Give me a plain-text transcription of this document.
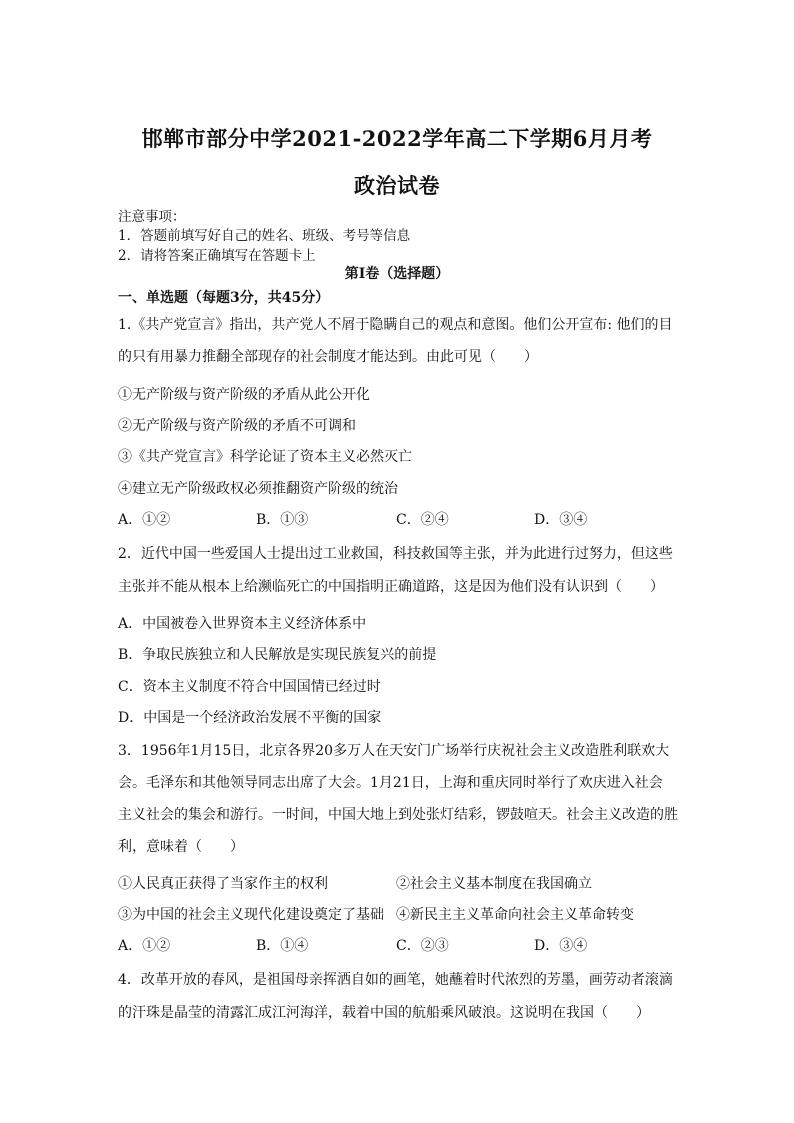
邯郸市部分中学2021-2022学年高二下学期6月月考
政治试卷
注意事项：
1．答题前填写好自己的姓名、班级、考号等信息
2．请将答案正确填写在答题卡上
第I卷（选择题）
一、单选题（每题3分，共45分）
1.《共产党宣言》指出，共产党人不屑于隐瞒自己的观点和意图。他们公开宣布: 他们的目
的只有用暴力推翻全部现存的社会制度才能达到。由此可见（　　）
①无产阶级与资产阶级的矛盾从此公开化
②无产阶级与资产阶级的矛盾不可调和
③《共产党宣言》科学论证了资本主义必然灭亡
④建立无产阶级政权必须推翻资产阶级的统治
A．①②	B．①③	C．②④	D．③④
2．近代中国一些爱国人士提出过工业救国，科技救国等主张，并为此进行过努力，但这些
主张并不能从根本上给濒临死亡的中国指明正确道路，这是因为他们没有认识到（　　）
A．中国被卷入世界资本主义经济体系中
B．争取民族独立和人民解放是实现民族复兴的前提
C．资本主义制度不符合中国国情已经过时
D．中国是一个经济政治发展不平衡的国家
3．1956年1月15日，北京各界20多万人在天安门广场举行庆祝社会主义改造胜利联欢大
会。毛泽东和其他领导同志出席了大会。1月21日，上海和重庆同时举行了欢庆进入社会
主义社会的集会和游行。一时间，中国大地上到处张灯结彩，锣鼓喧天。社会主义改造的胜
利，意味着（　　）
①人民真正获得了当家作主的权利	②社会主义基本制度在我国确立
③为中国的社会主义现代化建设奠定了基础 ④新民主主义革命向社会主义革命转变
A．①②	B．①④	C．②③	D．③④
4．改革开放的春风，是祖国母亲挥洒自如的画笔，她蘸着时代浓烈的芳墨，画劳动者滚滴
的汗珠是晶莹的清露汇成江河海洋，载着中国的航船乘风破浪。这说明在我国（　　）
